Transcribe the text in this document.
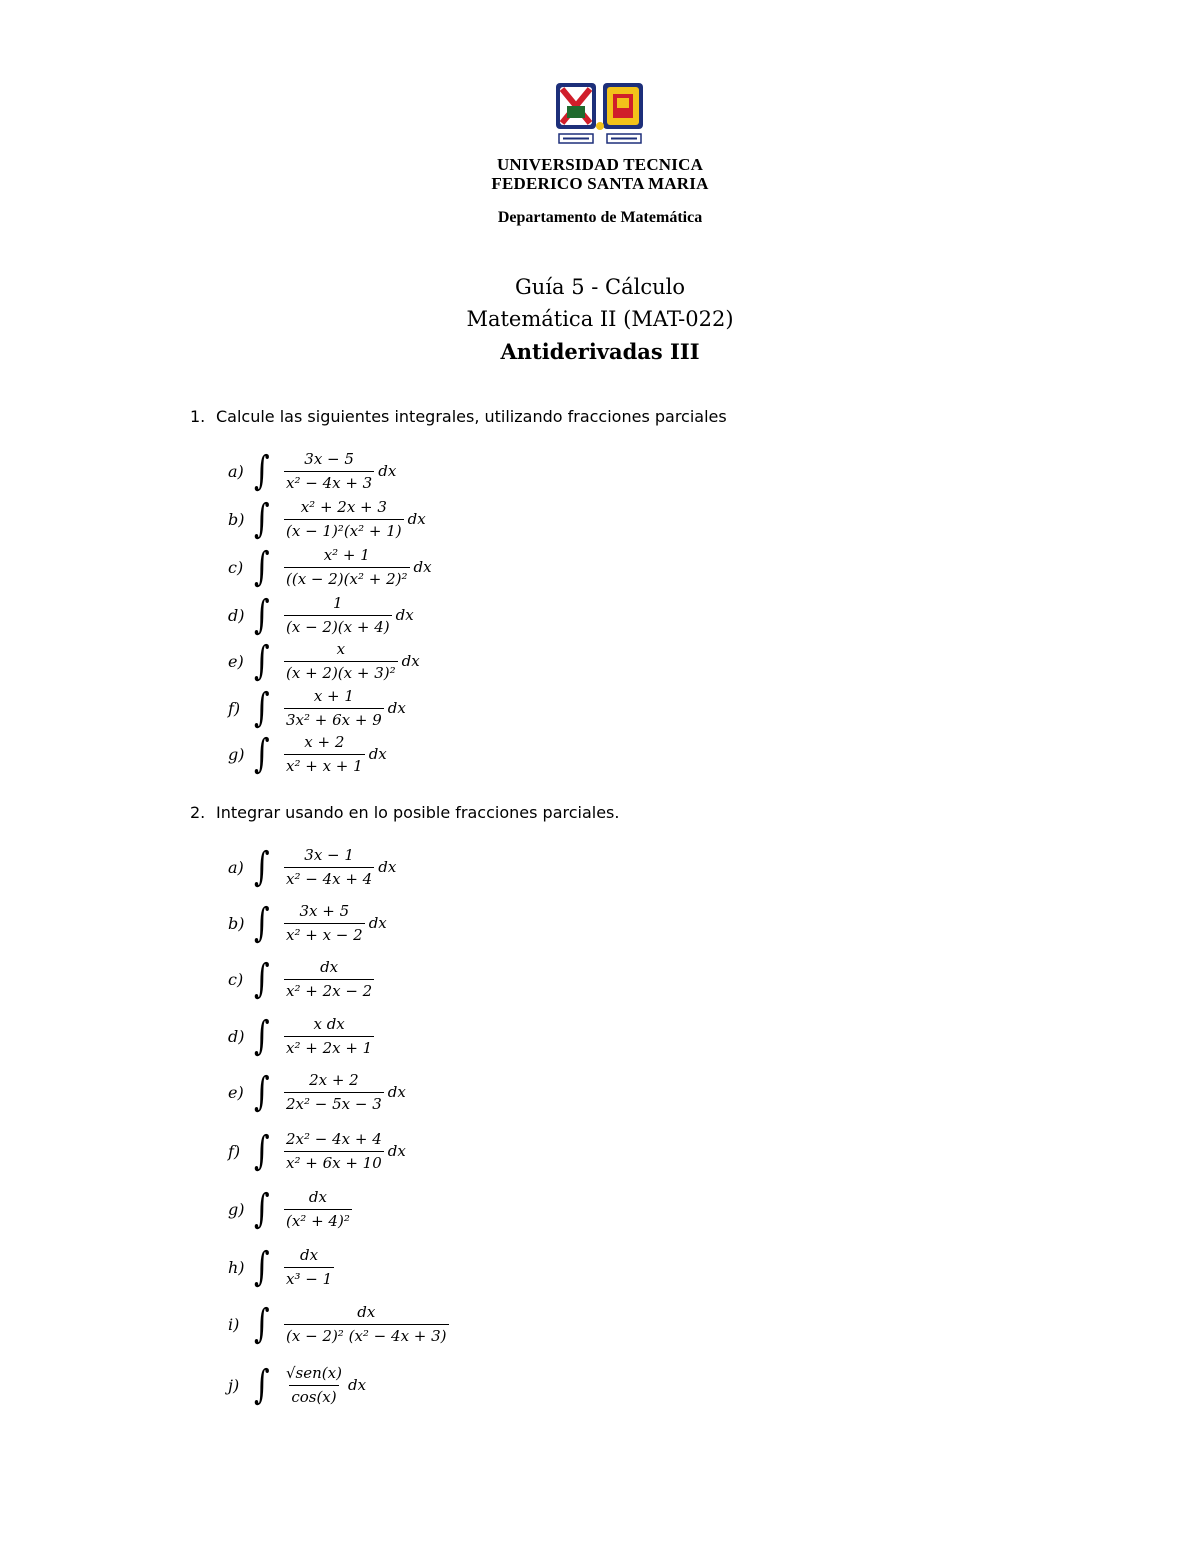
UNIVERSIDAD TECNICA
FEDERICO SANTA MARIA
Departamento de Matemática
Guía 5 - Cálculo
Matemática II (MAT-022)
Antiderivadas III
1. Calcule las siguientes integrales, utilizando fracciones parciales
a) ∫ $\frac{3x - 5}{\text{x² − 4x + 3}}$ dx
b) ∫ $\frac{\text{x² + 2x + 3}}{\text{(x − 1)²(x² + 1)}}$ dx
c) ∫ $\frac{\text{x² + 1}}{\text{((x − 2)(x² + 2)²}}$ dx
d) ∫ $\frac{1}{(x - 2)(x + 4)}$ dx
e) ∫ $\frac{x}{\text{(x + 2)(x + 3)²}}$ dx
f) ∫ $\frac{x + 1}{\text{3x² + 6x + 9}}$ dx
g) ∫ $\frac{x + 2}{\text{x² + x + 1}}$ dx
2. Integrar usando en lo posible fracciones parciales.
a) ∫ $\frac{3x - 1}{\text{x² − 4x + 4}}$ dx
b) ∫ $\frac{3x + 5}{\text{x² + x − 2}}$ dx
c) ∫ $\frac{dx}{\text{x² + 2x − 2}}$
d) ∫ $\frac{\text{x dx}}{\text{x² + 2x + 1}}$
e) ∫ $\frac{2x + 2}{\text{2x² − 5x − 3}}$ dx
f) ∫ $\frac{\text{2x² − 4x + 4}}{\text{x² + 6x + 10}}$ dx
g) ∫ $\frac{dx}{\text{(x² + 4)²}}$
h) ∫ $\frac{dx}{\text{x³ − 1}}$
i) ∫ $\frac{dx}{\text{(x − 2)² (x² − 4x + 3)}}$
j) ∫ $\frac{\text{√sen(x)}}{\cos(x)}$ dx
